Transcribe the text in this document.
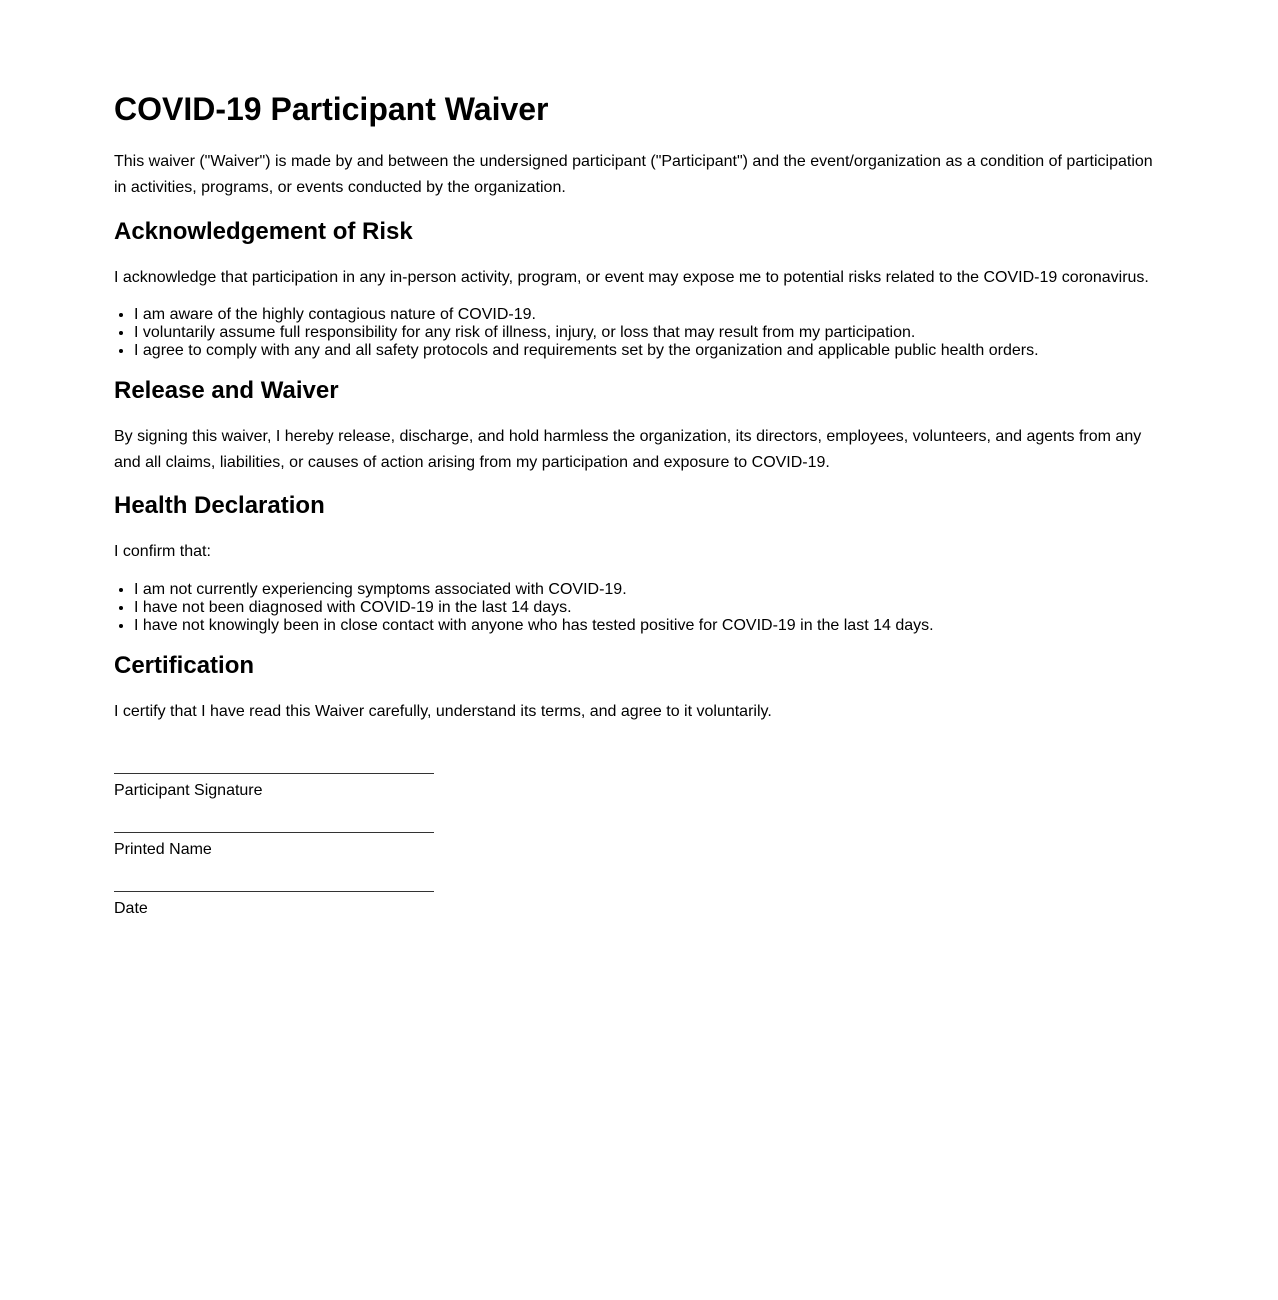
COVID-19 Participant Waiver

This waiver ("Waiver") is made by and between the undersigned participant ("Participant") and the event/organization as a condition of participation in activities, programs, or events conducted by the organization.

Acknowledgement of Risk

I acknowledge that participation in any in-person activity, program, or event may expose me to potential risks related to the COVID-19 coronavirus.

• I am aware of the highly contagious nature of COVID-19.
• I voluntarily assume full responsibility for any risk of illness, injury, or loss that may result from my participation.
• I agree to comply with any and all safety protocols and requirements set by the organization and applicable public health orders.
Release and Waiver

By signing this waiver, I hereby release, discharge, and hold harmless the organization, its directors, employees, volunteers, and agents from any and all claims, liabilities, or causes of action arising from my participation and exposure to COVID-19.

Health Declaration

I confirm that:

• I am not currently experiencing symptoms associated with COVID-19.
• I have not been diagnosed with COVID-19 in the last 14 days.
• I have not knowingly been in close contact with anyone who has tested positive for COVID-19 in the last 14 days.
Certification

I certify that I have read this Waiver carefully, understand its terms, and agree to it voluntarily.

Participant Signature
Printed Name
Date
